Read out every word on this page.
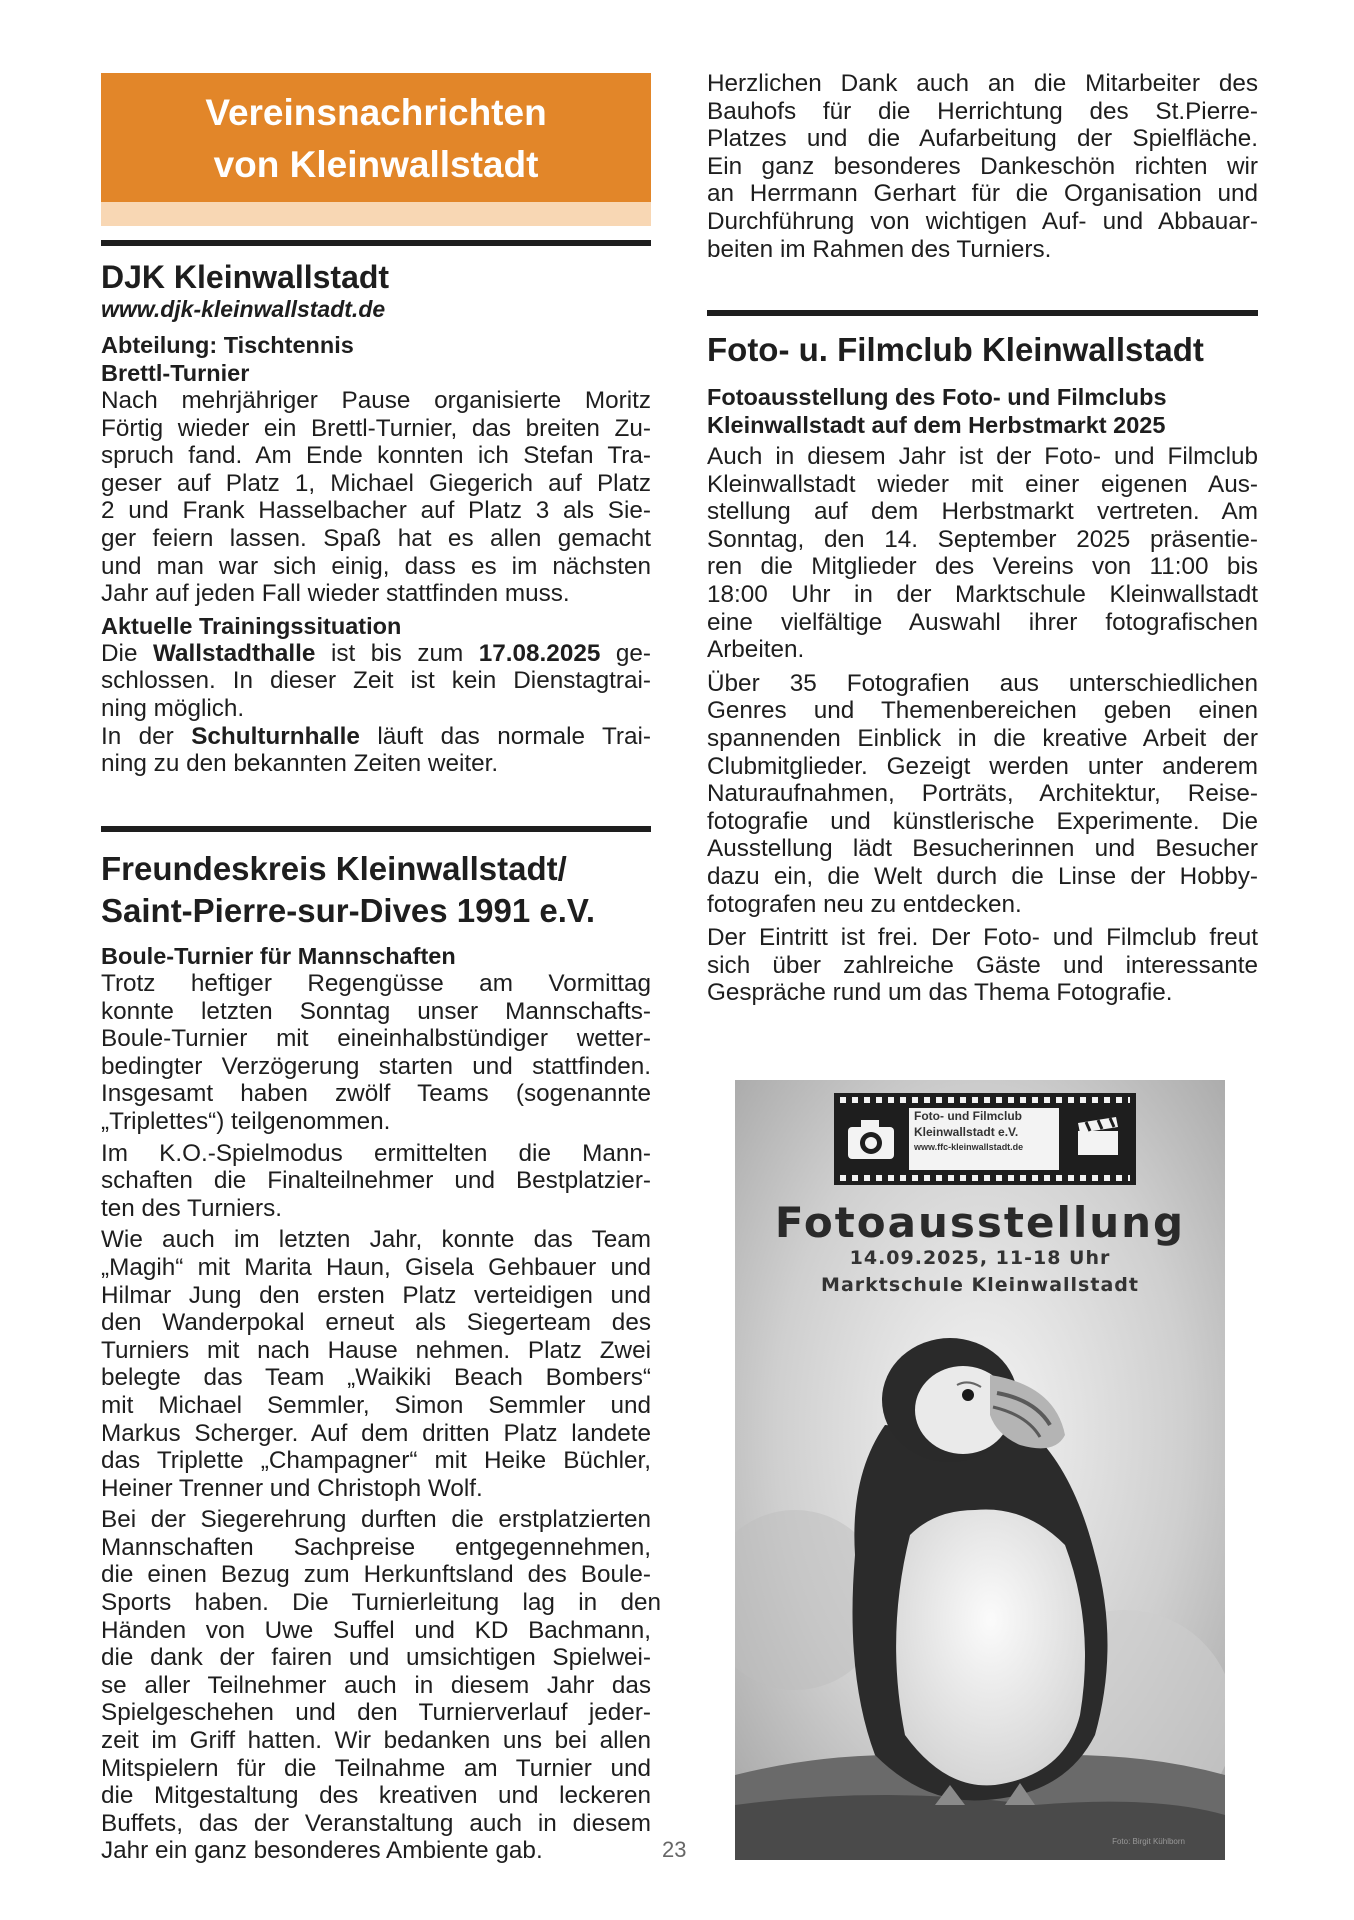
Vereinsnachrichten
von Kleinwallstadt
DJK Kleinwallstadt
www.djk-kleinwallstadt.de
Abteilung: Tischtennis
Brettl-Turnier
Nach mehrjähriger Pause organisierte Moritz
Förtig wieder ein Brettl-Turnier, das breiten Zu-
spruch fand. Am Ende konnten ich Stefan Tra-
geser auf Platz 1, Michael Giegerich auf Platz
2 und Frank Hasselbacher auf Platz 3 als Sie-
ger feiern lassen. Spaß hat es allen gemacht
und man war sich einig, dass es im nächsten
Jahr auf jeden Fall wieder stattfinden muss.
Aktuelle Trainingssituation
Die Wallstadthalle ist bis zum 17.08.2025 ge-
schlossen. In dieser Zeit ist kein Dienstagtrai-
ning möglich.
In der Schulturnhalle läuft das normale Trai-
ning zu den bekannten Zeiten weiter.
Freundeskreis Kleinwallstadt/
Saint-Pierre-sur-Dives 1991 e.V.
Boule-Turnier für Mannschaften
Trotz heftiger Regengüsse am Vormittag
konnte letzten Sonntag unser Mannschafts-
Boule-Turnier mit eineinhalbstündiger wetter-
bedingter Verzögerung starten und stattfinden.
Insgesamt haben zwölf Teams (sogenannte
„Triplettes“) teilgenommen.
Im K.O.-Spielmodus ermittelten die Mann-
schaften die Finalteilnehmer und Bestplatzier-
ten des Turniers.
Wie auch im letzten Jahr, konnte das Team
„Magih“ mit Marita Haun, Gisela Gehbauer und
Hilmar Jung den ersten Platz verteidigen und
den Wanderpokal erneut als Siegerteam des
Turniers mit nach Hause nehmen. Platz Zwei
belegte das Team „Waikiki Beach Bombers“
mit Michael Semmler, Simon Semmler und
Markus Scherger. Auf dem dritten Platz landete
das Triplette „Champagner“ mit Heike Büchler,
Heiner Trenner und Christoph Wolf.
Bei der Siegerehrung durften die erstplatzierten
Mannschaften Sachpreise entgegennehmen,
die einen Bezug zum Herkunftsland des Boule-
Sports haben. Die Turnierleitung lag in den
Händen von Uwe Suffel und KD Bachmann,
die dank der fairen und umsichtigen Spielwei-
se aller Teilnehmer auch in diesem Jahr das
Spielgeschehen und den Turnierverlauf jeder-
zeit im Griff hatten. Wir bedanken uns bei allen
Mitspielern für die Teilnahme am Turnier und
die Mitgestaltung des kreativen und leckeren
Buffets, das der Veranstaltung auch in diesem
Jahr ein ganz besonderes Ambiente gab.	23
Herzlichen Dank auch an die Mitarbeiter des
Bauhofs für die Herrichtung des St.Pierre-
Platzes und die Aufarbeitung der Spielfläche.
Ein ganz besonderes Dankeschön richten wir
an Herrmann Gerhart für die Organisation und
Durchführung von wichtigen Auf- und Abbauar-
beiten im Rahmen des Turniers.
Foto- u. Filmclub Kleinwallstadt
Fotoausstellung des Foto- und Filmclubs
Kleinwallstadt auf dem Herbstmarkt 2025
Auch in diesem Jahr ist der Foto- und Filmclub
Kleinwallstadt wieder mit einer eigenen Aus-
stellung auf dem Herbstmarkt vertreten. Am
Sonntag, den 14. September 2025 präsentie-
ren die Mitglieder des Vereins von 11:00 bis
18:00 Uhr in der Marktschule Kleinwallstadt
eine vielfältige Auswahl ihrer fotografischen
Arbeiten.
Über 35 Fotografien aus unterschiedlichen
Genres und Themenbereichen geben einen
spannenden Einblick in die kreative Arbeit der
Clubmitglieder. Gezeigt werden unter anderem
Naturaufnahmen, Porträts, Architektur, Reise-
fotografie und künstlerische Experimente. Die
Ausstellung lädt Besucherinnen und Besucher
dazu ein, die Welt durch die Linse der Hobby-
fotografen neu zu entdecken.
Der Eintritt ist frei. Der Foto- und Filmclub freut
sich über zahlreiche Gäste und interessante
Gespräche rund um das Thema Fotografie.
Foto- und Filmclub
Kleinwallstadt e.V.
www.ffc-kleinwallstadt.de
Fotoausstellung
14.09.2025, 11-18 Uhr
Marktschule Kleinwallstadt
Foto: Birgit Kühlborn
